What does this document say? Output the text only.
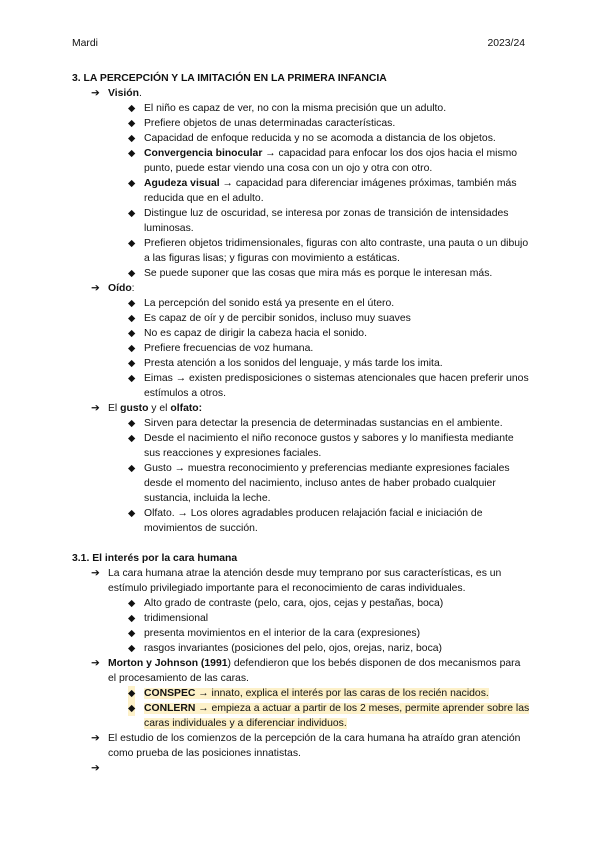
Mardi	2023/24

3. LA PERCEPCIÓN Y LA IMITACIÓN EN LA PRIMERA INFANCIA

➔ Visión.
◆ El niño es capaz de ver, no con la misma precisión que un adulto.
◆ Prefiere objetos de unas determinadas características.
◆ Capacidad de enfoque reducida y no se acomoda a distancia de los objetos.
◆ Convergencia binocular → capacidad para enfocar los dos ojos hacia el mismo punto, puede estar viendo una cosa con un ojo y otra con otro.
◆ Agudeza visual → capacidad para diferenciar imágenes próximas, también más reducida que en el adulto.
◆ Distingue luz de oscuridad, se interesa por zonas de transición de intensidades luminosas.
◆ Prefieren objetos tridimensionales, figuras con alto contraste, una pauta o un dibujo a las figuras lisas; y figuras con movimiento a estáticas.
◆ Se puede suponer que las cosas que mira más es porque le interesan más.
➔ Oído:
◆ La percepción del sonido está ya presente en el útero.
◆ Es capaz de oír y de percibir sonidos, incluso muy suaves
◆ No es capaz de dirigir la cabeza hacia el sonido.
◆ Prefiere frecuencias de voz humana.
◆ Presta atención a los sonidos del lenguaje, y más tarde los imita.
◆ Eimas → existen predisposiciones o sistemas atencionales que hacen preferir unos estímulos a otros.
➔ El gusto y el olfato:
◆ Sirven para detectar la presencia de determinadas sustancias en el ambiente.
◆ Desde el nacimiento el niño reconoce gustos y sabores y lo manifiesta mediante sus reacciones y expresiones faciales.
◆ Gusto → muestra reconocimiento y preferencias mediante expresiones faciales desde el momento del nacimiento, incluso antes de haber probado cualquier sustancia, incluida la leche.
◆ Olfato. → Los olores agradables producen relajación facial e iniciación de movimientos de succión.

3.1. El interés por la cara humana

➔ La cara humana atrae la atención desde muy temprano por sus características, es un estímulo privilegiado importante para el reconocimiento de caras individuales.
◆ Alto grado de contraste (pelo, cara, ojos, cejas y pestañas, boca)
◆ tridimensional
◆ presenta movimientos en el interior de la cara (expresiones)
◆ rasgos invariantes (posiciones del pelo, ojos, orejas, nariz, boca)
➔ Morton y Johnson (1991) defendieron que los bebés disponen de dos mecanismos para el procesamiento de las caras.
◆ CONSPEC → innato, explica el interés por las caras de los recién nacidos.
◆ CONLERN → empieza a actuar a partir de los 2 meses, permite aprender sobre las caras individuales y a diferenciar individuos.
➔ El estudio de los comienzos de la percepción de la cara humana ha atraído gran atención como prueba de las posiciones innatistas.
➔
